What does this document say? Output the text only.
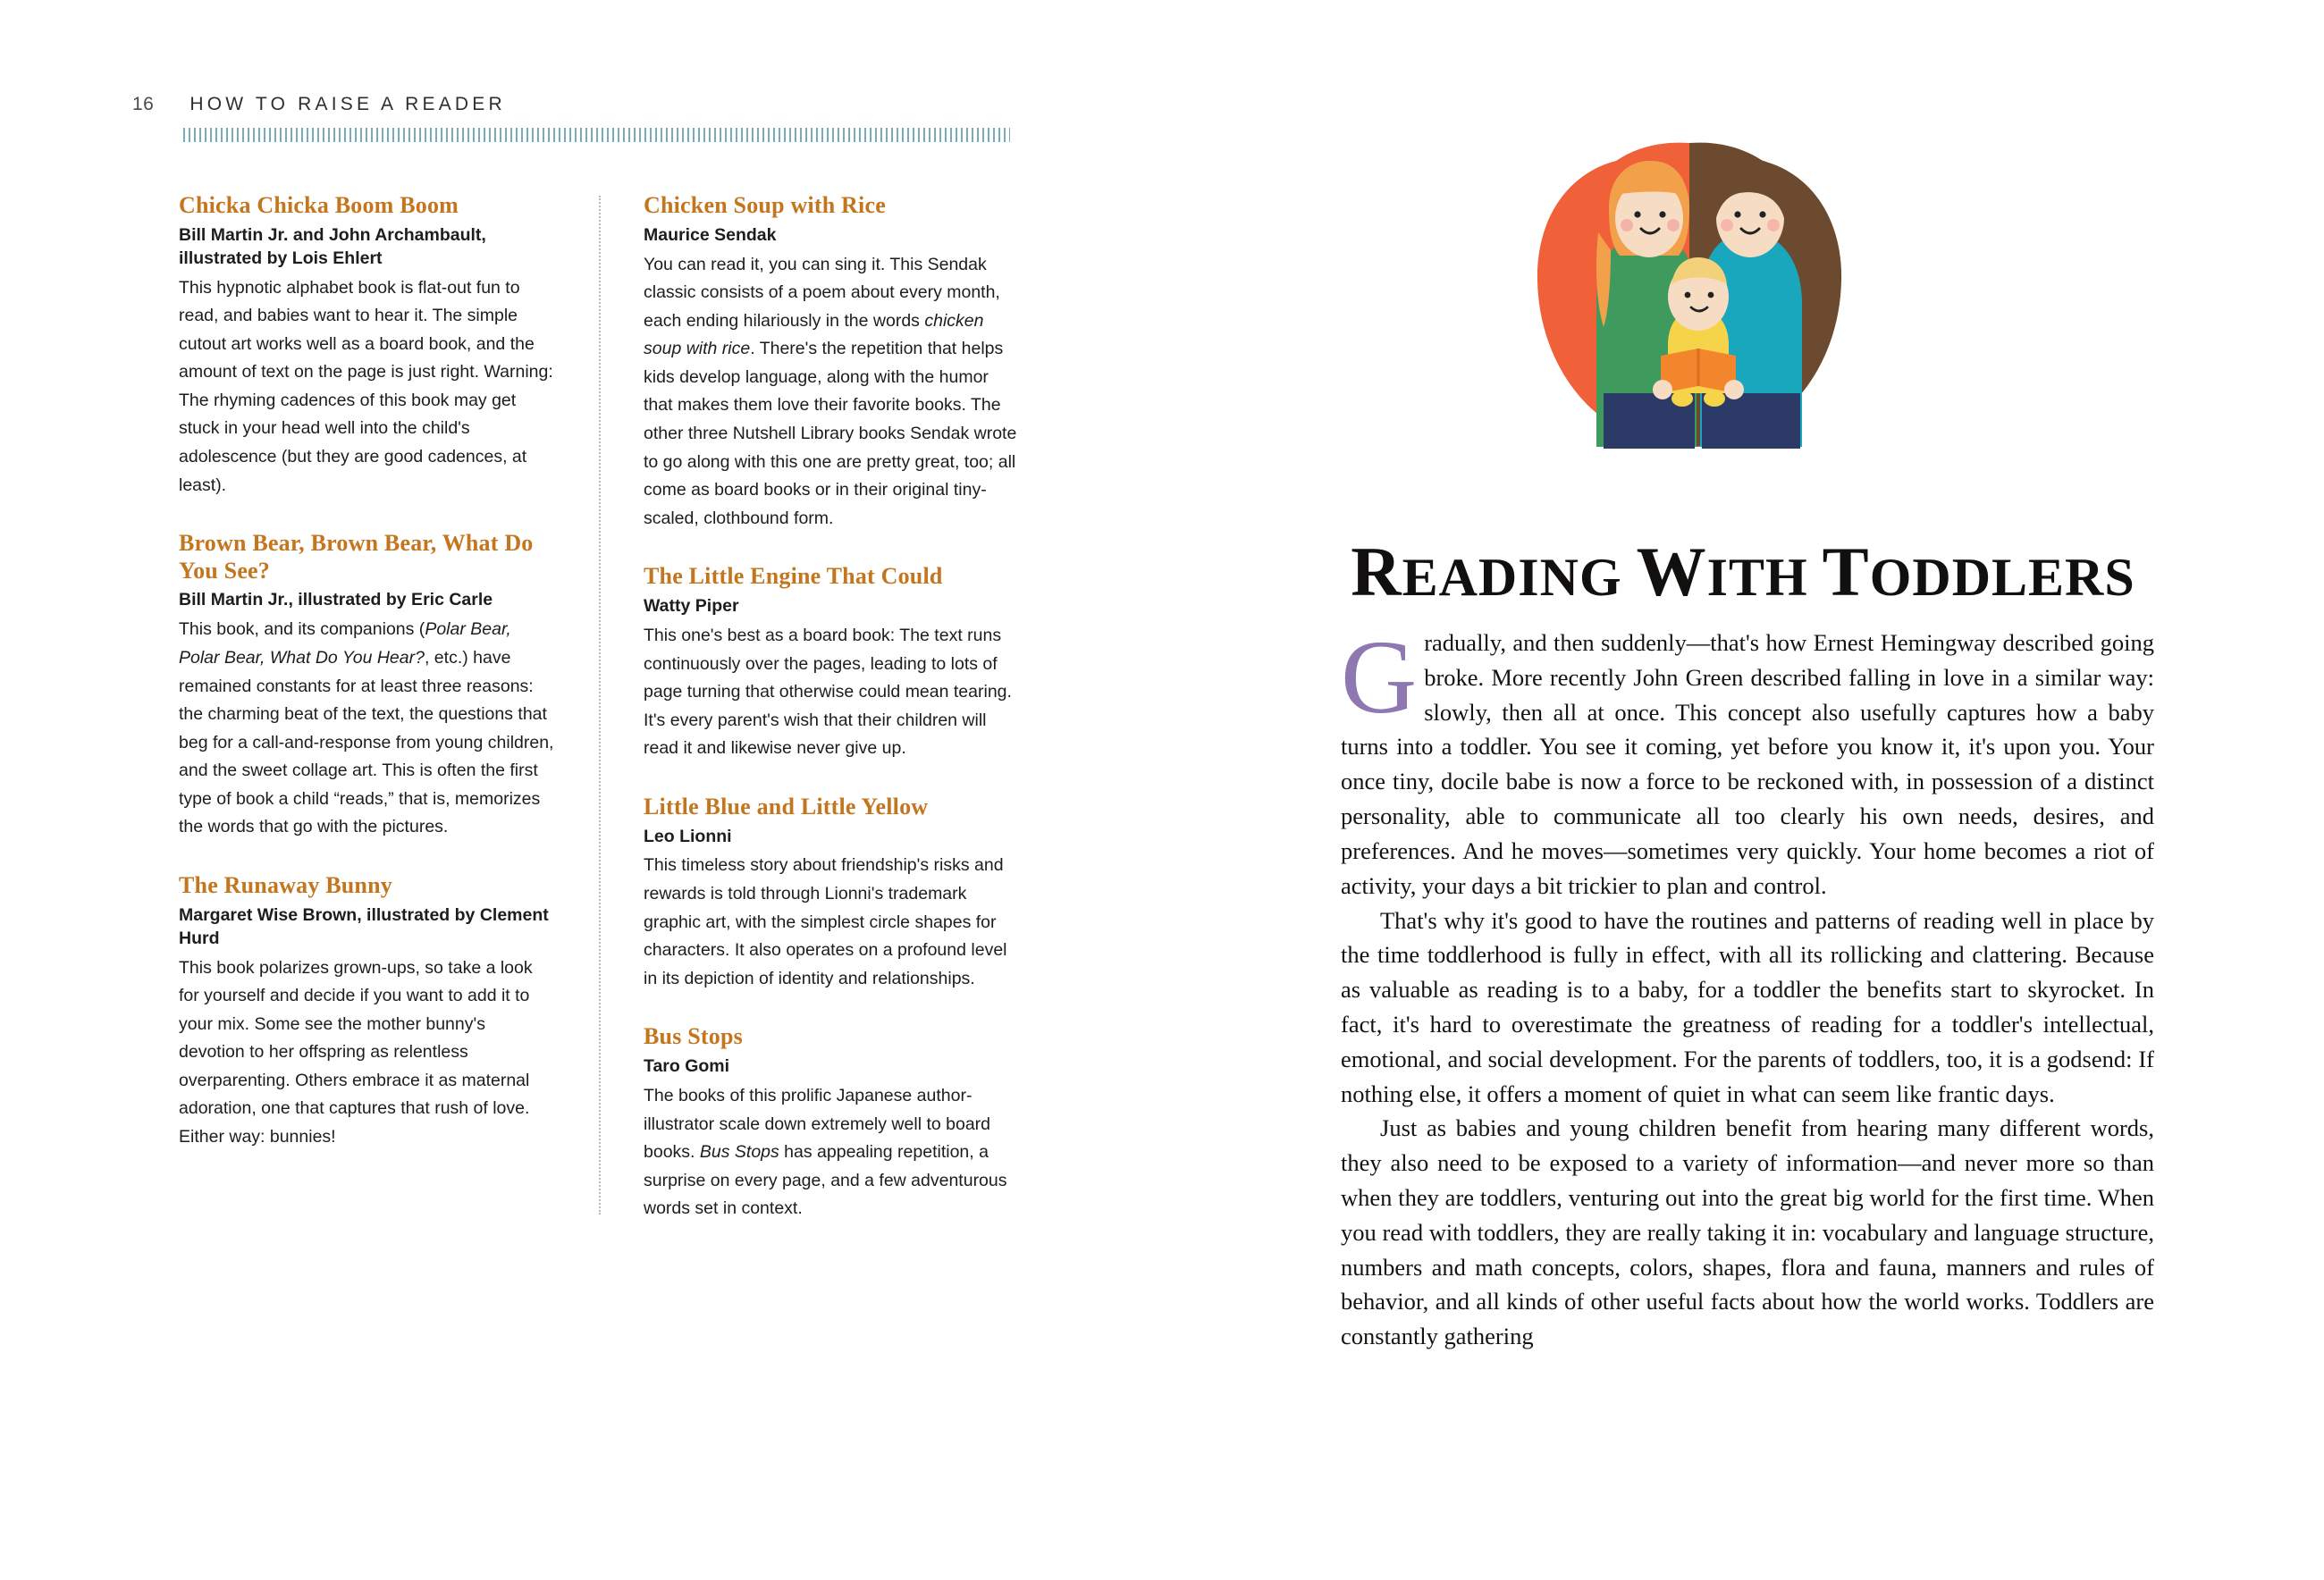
16 HOW TO RAISE A READER
Chicka Chicka Boom Boom
Bill Martin Jr. and John Archambault, illustrated by Lois Ehlert
This hypnotic alphabet book is flat-out fun to read, and babies want to hear it. The simple cutout art works well as a board book, and the amount of text on the page is just right. Warning: The rhyming cadences of this book may get stuck in your head well into the child's adolescence (but they are good cadences, at least).
Brown Bear, Brown Bear, What Do You See?
Bill Martin Jr., illustrated by Eric Carle
This book, and its companions (Polar Bear, Polar Bear, What Do You Hear?, etc.) have remained constants for at least three reasons: the charming beat of the text, the questions that beg for a call-and-response from young children, and the sweet collage art. This is often the first type of book a child “reads,” that is, memorizes the words that go with the pictures.
The Runaway Bunny
Margaret Wise Brown, illustrated by Clement Hurd
This book polarizes grown-ups, so take a look for yourself and decide if you want to add it to your mix. Some see the mother bunny's devotion to her offspring as relentless overparenting. Others embrace it as maternal adoration, one that captures that rush of love. Either way: bunnies!
Chicken Soup with Rice
Maurice Sendak
You can read it, you can sing it. This Sendak classic consists of a poem about every month, each ending hilariously in the words chicken soup with rice. There's the repetition that helps kids develop language, along with the humor that makes them love their favorite books. The other three Nutshell Library books Sendak wrote to go along with this one are pretty great, too; all come as board books or in their original tiny-scaled, clothbound form.
The Little Engine That Could
Watty Piper
This one's best as a board book: The text runs continuously over the pages, leading to lots of page turning that otherwise could mean tearing. It's every parent's wish that their children will read it and likewise never give up.
Little Blue and Little Yellow
Leo Lionni
This timeless story about friendship's risks and rewards is told through Lionni's trademark graphic art, with the simplest circle shapes for characters. It also operates on a profound level in its depiction of identity and relationships.
Bus Stops
Taro Gomi
The books of this prolific Japanese author-illustrator scale down extremely well to board books. Bus Stops has appealing repetition, a surprise on every page, and a few adventurous words set in context.
READING WITH TODDLERS

Gradually, and then suddenly—that's how Ernest Hemingway described going broke. More recently John Green described falling in love in a similar way: slowly, then all at once. This concept also usefully captures how a baby turns into a toddler. You see it coming, yet before you know it, it's upon you. Your once tiny, docile babe is now a force to be reckoned with, in possession of a distinct personality, able to communicate all too clearly his own needs, desires, and preferences. And he moves—sometimes very quickly. Your home becomes a riot of activity, your days a bit trickier to plan and control.

That's why it's good to have the routines and patterns of reading well in place by the time toddlerhood is fully in effect, with all its rollicking and clattering. Because as valuable as reading is to a baby, for a toddler the benefits start to skyrocket. In fact, it's hard to overestimate the greatness of reading for a toddler's intellectual, emotional, and social development. For the parents of toddlers, too, it is a godsend: If nothing else, it offers a moment of quiet in what can seem like frantic days.

Just as babies and young children benefit from hearing many different words, they also need to be exposed to a variety of information—and never more so than when they are toddlers, venturing out into the great big world for the first time. When you read with toddlers, they are really taking it in: vocabulary and language structure, numbers and math concepts, colors, shapes, flora and fauna, manners and rules of behavior, and all kinds of other useful facts about how the world works. Toddlers are constantly gathering
